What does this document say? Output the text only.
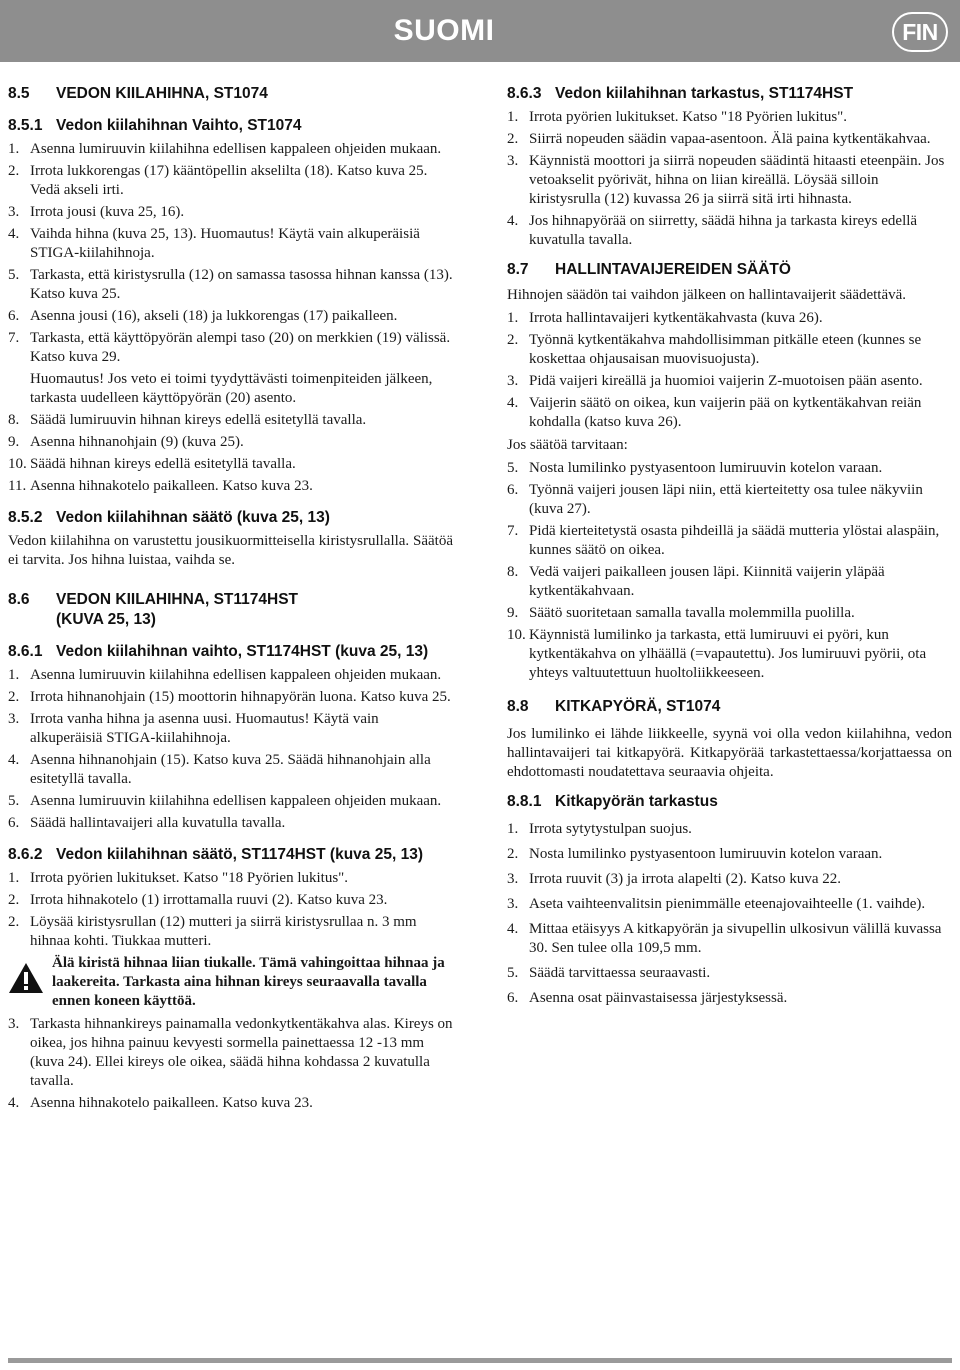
SUOMI	FIN
8.5	VEDON KIILAHIHNA, ST1074
8.5.1 Vedon kiilahihnan Vaihto, ST1074
1. Asenna lumiruuvin kiilahihna edellisen kappaleen ohjeiden mukaan.
2. Irrota lukkorengas (17) kääntöpellin akselilta (18). Katso kuva 25. Vedä akseli irti.
3. Irrota jousi (kuva 25, 16).
4. Vaihda hihna (kuva 25, 13). Huomautus! Käytä vain alkuperäisiä STIGA-kiilahihnoja.
5. Tarkasta, että kiristysrulla (12) on samassa tasossa hihnan kanssa (13). Katso kuva 25.
6. Asenna jousi (16), akseli (18) ja lukkorengas (17) paikalleen.
7. Tarkasta, että käyttöpyörän alempi taso (20) on merkkien (19) välissä. Katso kuva 29.
Huomautus! Jos veto ei toimi tyydyttävästi toimenpiteiden jälkeen, tarkasta uudelleen käyttöpyörän (20) asento.
8. Säädä lumiruuvin hihnan kireys edellä esitetyllä tavalla.
9. Asenna hihnanohjain (9) (kuva 25).
10. Säädä hihnan kireys edellä esitetyllä tavalla.
11. Asenna hihnakotelo paikalleen. Katso kuva 23.
8.5.2 Vedon kiilahihnan säätö (kuva 25, 13)

Vedon kiilahihna on varustettu jousikuormitteisella kiristysrullalla. Säätöä ei tarvita. Jos hihna luistaa, vaihda se.

8.6	VEDON KIILAHIHNA, ST1174HST (KUVA 25, 13)
8.6.1 Vedon kiilahihnan vaihto, ST1174HST (kuva 25, 13)
1. Asenna lumiruuvin kiilahihna edellisen kappaleen ohjeiden mukaan.
2. Irrota hihnanohjain (15) moottorin hihnapyörän luona. Katso kuva 25.
3. Irrota vanha hihna ja asenna uusi. Huomautus! Käytä vain alkuperäisiä STIGA-kiilahihnoja.
4. Asenna hihnanohjain (15). Katso kuva 25. Säädä hihnanohjain alla esitetyllä tavalla.
5. Asenna lumiruuvin kiilahihna edellisen kappaleen ohjeiden mukaan.
6. Säädä hallintavaijeri alla kuvatulla tavalla.
8.6.2 Vedon kiilahihnan säätö, ST1174HST (kuva 25, 13)
1. Irrota pyörien lukitukset. Katso "18 Pyörien lukitus".
2. Irrota hihnakotelo (1) irrottamalla ruuvi (2). Katso kuva 23.
2. Löysää kiristysrullan (12) mutteri ja siirrä kiristysrullaa n. 3 mm hihnaa kohti. Tiukkaa mutteri.
Älä kiristä hihnaa liian tiukalle. Tämä vahingoittaa hihnaa ja laakereita. Tarkasta aina hihnan kireys seuraavalla tavalla ennen koneen käyttöä.
3. Tarkasta hihnankireys painamalla vedonkytkentäkahva alas. Kireys on oikea, jos hihna painuu kevyesti sormella painettaessa 12 -13 mm (kuva 24). Ellei kireys ole oikea, säädä hihna kohdassa 2 kuvatulla tavalla.
4. Asenna hihnakotelo paikalleen. Katso kuva 23.
8.6.3 Vedon kiilahihnan tarkastus, ST1174HST
1. Irrota pyörien lukitukset. Katso "18 Pyörien lukitus".
2. Siirrä nopeuden säädin vapaa-asentoon. Älä paina kytkentäkahvaa.
3. Käynnistä moottori ja siirrä nopeuden säädintä hitaasti eteenpäin. Jos vetoakselit pyörivät, hihna on liian kireällä. Löysää silloin kiristysrulla (12) kuvassa 26 ja siirrä sitä irti hihnasta.
4. Jos hihnapyörää on siirretty, säädä hihna ja tarkasta kireys edellä kuvatulla tavalla.
8.7	HALLINTAVAIJEREIDEN SÄÄTÖ

Hihnojen säädön tai vaihdon jälkeen on hallintavaijerit säädettävä.

1. Irrota hallintavaijeri kytkentäkahvasta (kuva 26).
2. Työnnä kytkentäkahva mahdollisimman pitkälle eteen (kunnes se koskettaa ohjausaisan muovisuojusta).
3. Pidä vaijeri kireällä ja huomioi vaijerin Z-muotoisen pään asento.
4. Vaijerin säätö on oikea, kun vaijerin pää on kytkentäkahvan reiän kohdalla (katso kuva 26).

Jos säätöä tarvitaan:

5. Nosta lumilinko pystyasentoon lumiruuvin kotelon varaan.
6. Työnnä vaijeri jousen läpi niin, että kierteitetty osa tulee näkyviin (kuva 27).
7. Pidä kierteitetystä osasta pihdeillä ja säädä mutteria ylöstai alaspäin, kunnes säätö on oikea.
8. Vedä vaijeri paikalleen jousen läpi. Kiinnitä vaijerin yläpää kytkentäkahvaan.
9. Säätö suoritetaan samalla tavalla molemmilla puolilla.
10. Käynnistä lumilinko ja tarkasta, että lumiruuvi ei pyöri, kun kytkentäkahva on ylhäällä (=vapautettu). Jos lumiruuvi pyörii, ota yhteys valtuutettuun huoltoliikkeeseen.
8.8	KITKAPYÖRÄ, ST1074

Jos lumilinko ei lähde liikkeelle, syynä voi olla vedon kiilahihna, vedon hallintavaijeri tai kitkapyörä. Kitkapyörää tarkastettaessa/korjattaessa on ehdottomasti noudatettava seuraavia ohjeita.

8.8.1 Kitkapyörän tarkastus
1. Irrota sytytystulpan suojus.
2. Nosta lumilinko pystyasentoon lumiruuvin kotelon varaan.
3. Irrota ruuvit (3) ja irrota alapelti (2). Katso kuva 22.
3. Aseta vaihteenvalitsin pienimmälle eteenajovaihteelle (1. vaihde).
4. Mittaa etäisyys A kitkapyörän ja sivupellin ulkosivun välillä kuvassa 30. Sen tulee olla 109,5 mm.
5. Säädä tarvittaessa seuraavasti.
6. Asenna osat päinvastaisessa järjestyksessä.
